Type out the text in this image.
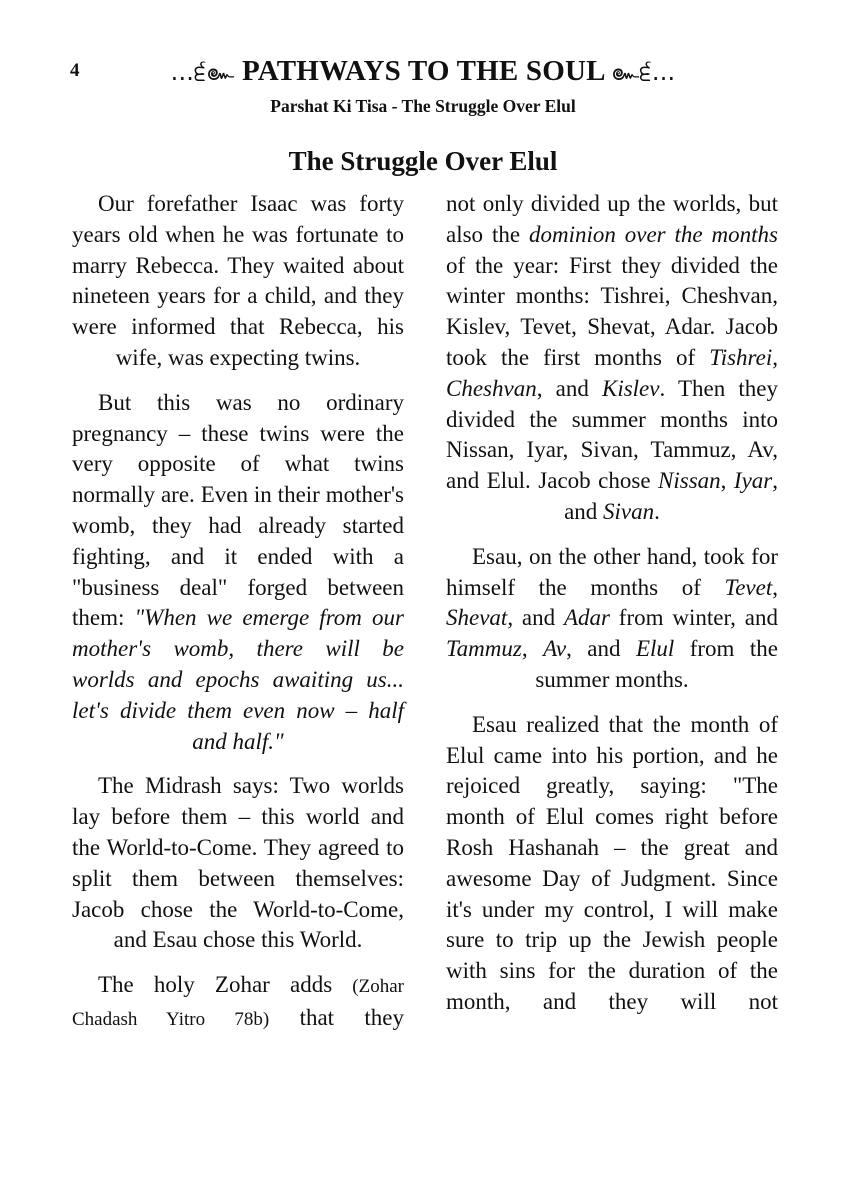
4	...੬๛ PATHWAYS TO THE SOUL ๛੬...
Parshat Ki Tisa - The Struggle Over Elul
The Struggle Over Elul

Our forefather Isaac was forty years old when he was fortunate to marry Rebecca. They waited about nineteen years for a child, and they were informed that Rebecca, his wife, was expecting twins.

But this was no ordinary pregnancy – these twins were the very opposite of what twins normally are. Even in their mother's womb, they had already started fighting, and it ended with a "business deal" forged between them: "When we emerge from our mother's womb, there will be worlds and epochs awaiting us... let's divide them even now – half and half."

The Midrash says: Two worlds lay before them – this world and the World-to-Come. They agreed to split them between themselves: Jacob chose the World-to-Come, and Esau chose this World.

The holy Zohar adds (Zohar Chadash Yitro 78b) that they

not only divided up the worlds, but also the dominion over the months of the year: First they divided the winter months: Tishrei, Cheshvan, Kislev, Tevet, Shevat, Adar. Jacob took the first months of Tishrei, Cheshvan, and Kislev. Then they divided the summer months into Nissan, Iyar, Sivan, Tammuz, Av, and Elul. Jacob chose Nissan, Iyar, and Sivan.

Esau, on the other hand, took for himself the months of Tevet, Shevat, and Adar from winter, and Tammuz, Av, and Elul from the summer months.

Esau realized that the month of Elul came into his portion, and he rejoiced greatly, saying: "The month of Elul comes right before Rosh Hashanah – the great and awesome Day of Judgment. Since it's under my control, I will make sure to trip up the Jewish people with sins for the duration of the month, and they will not
